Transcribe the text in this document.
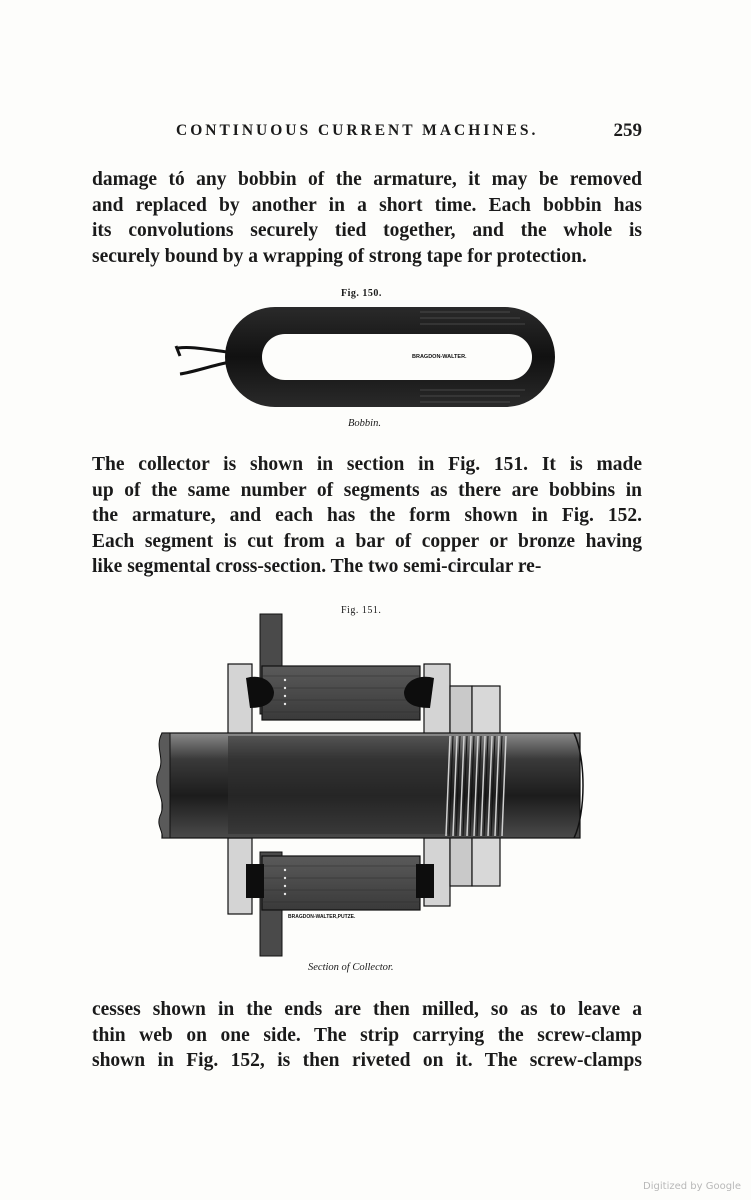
CONTINUOUS CURRENT MACHINES.	259
damage tó any bobbin of the armature, it may be removed
and replaced by another in a short time. Each bobbin has
its convolutions securely tied together, and the whole is
securely bound by a wrapping of strong tape for protection.
Fig. 150.
BRAGDON-WALTER.
Bobbin.
The collector is shown in section in Fig. 151. It is made
up of the same number of segments as there are bobbins in
the armature, and each has the form shown in Fig. 152.
Each segment is cut from a bar of copper or bronze having
like segmental cross-section. The two semi-circular re-
Fig. 151.
BRAGDON-WALTER,PUTZE.
Section of Collector.
cesses shown in the ends are then milled, so as to leave a
thin web on one side. The strip carrying the screw-clamp
shown in Fig. 152, is then riveted on it. The screw-clamps
Digitized by Google
